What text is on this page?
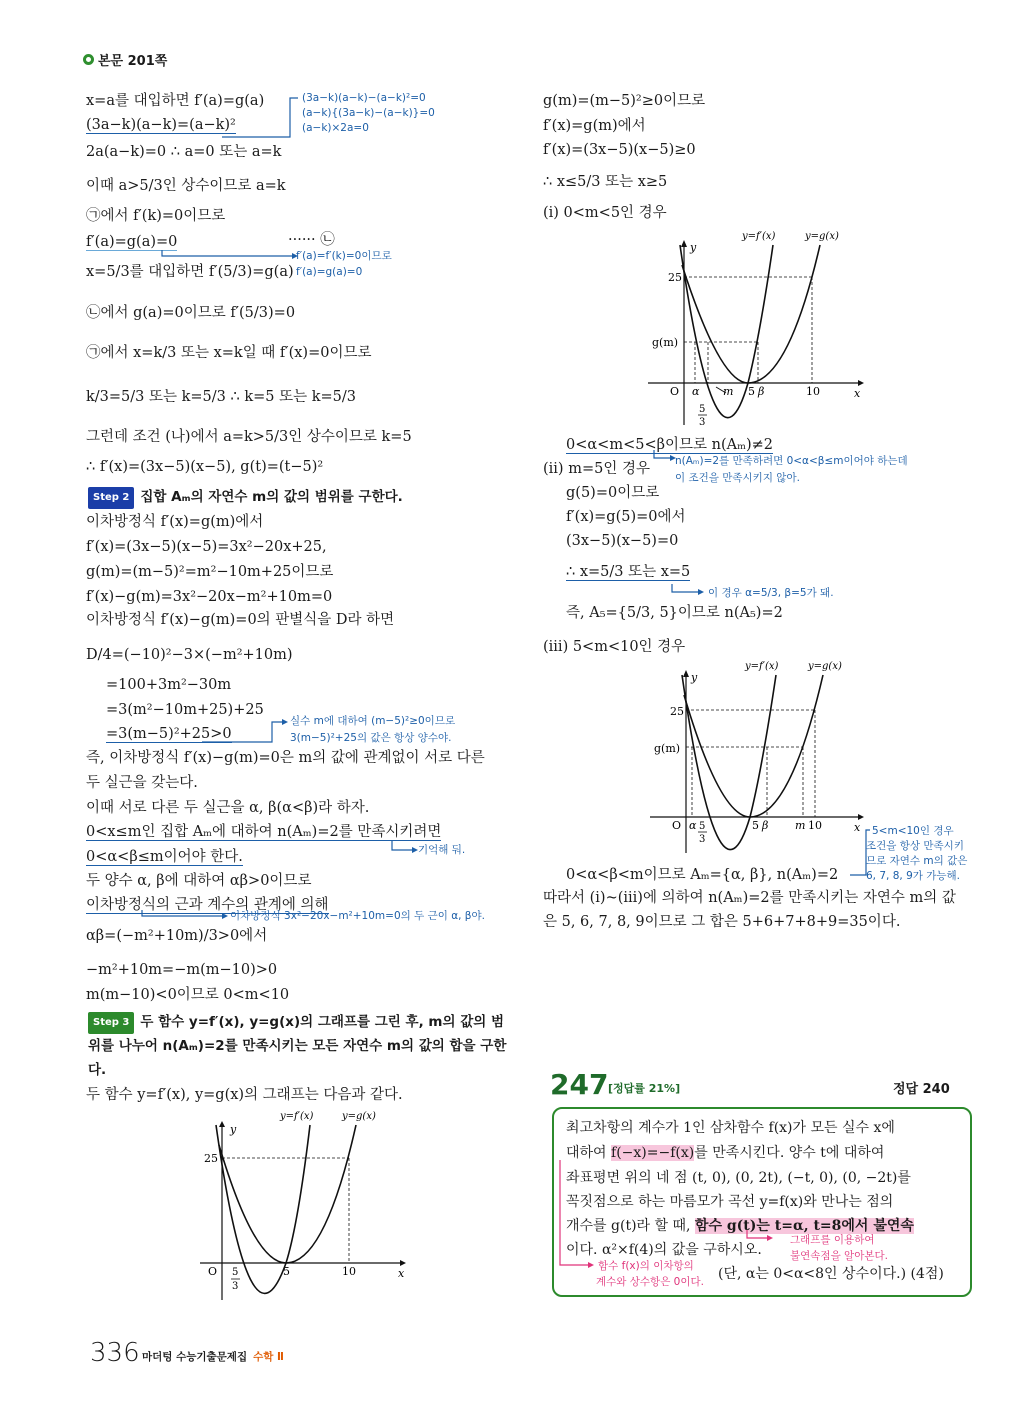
본문 201쪽
x=a를 대입하면 f′(a)=g(a)
(3a−k)(a−k)=(a−k)²
2a(a−k)=0 ∴ a=0 또는 a=k
(3a−k)(a−k)−(a−k)²=0
(a−k){(3a−k)−(a−k)}=0
(a−k)×2a=0
이때 a>5/3인 상수이므로 a=k
㉠에서 f′(k)=0이므로
f′(a)=g(a)=0	······ ㉡
f′(a)=f′(k)=0이므로
f′(a)=g(a)=0
x=5/3를 대입하면 f′(5/3)=g(a)
㉡에서 g(a)=0이므로 f′(5/3)=0
㉠에서 x=k/3 또는 x=k일 때 f′(x)=0이므로
k/3=5/3 또는 k=5/3 ∴ k=5 또는 k=5/3
그런데 조건 (나)에서 a=k>5/3인 상수이므로 k=5
∴ f′(x)=(3x−5)(x−5), g(t)=(t−5)²
Step 2 집합 Aₘ의 자연수 m의 값의 범위를 구한다.
이차방정식 f′(x)=g(m)에서
f′(x)=(3x−5)(x−5)=3x²−20x+25,
g(m)=(m−5)²=m²−10m+25이므로
f′(x)−g(m)=3x²−20x−m²+10m=0
이차방정식 f′(x)−g(m)=0의 판별식을 D라 하면
D/4=(−10)²−3×(−m²+10m)
=100+3m²−30m
=3(m²−10m+25)+25
=3(m−5)²+25>0
실수 m에 대하여 (m−5)²≥0이므로
3(m−5)²+25의 값은 항상 양수야.
즉, 이차방정식 f′(x)−g(m)=0은 m의 값에 관계없이 서로 다른
두 실근을 갖는다.
이때 서로 다른 두 실근을 α, β(α<β)라 하자.
0<x≤m인 집합 Aₘ에 대하여 n(Aₘ)=2를 만족시키려면
0<α<β≤m이어야 한다.	기억해 둬.
두 양수 α, β에 대하여 αβ>0이므로
이차방정식의 근과 계수의 관계에 의해
이차방정식 3x²−20x−m²+10m=0의 두 근이 α, β야.
αβ=(−m²+10m)/3>0에서
−m²+10m=−m(m−10)>0
m(m−10)<0이므로 0<m<10
Step 3 두 함수 y=f′(x), y=g(x)의 그래프를 그린 후, m의 값의 범
위를 나누어 n(Aₘ)=2를 만족시키는 모든 자연수 m의 값의 합을 구한
다.
두 함수 y=f′(x), y=g(x)의 그래프는 다음과 같다.
y
x
O
25
5
3
5	10
y=f′(x)	y=g(x)
g(m)=(m−5)²≥0이므로
f′(x)=g(m)에서
f′(x)=(3x−5)(x−5)≥0
∴ x≤5/3 또는 x≥5
(i) 0<m<5인 경우
y
x
O
25
g(m)
α
5
3
m 5 β	10
y=f′(x)	y=g(x)
0<α<m<5<β이므로 n(Aₘ)≠2
n(Aₘ)=2를 만족하려면 0<α<β≤m이어야 하는데
이 조건을 만족시키지 않아.
(ii) m=5인 경우
g(5)=0이므로
f′(x)=g(5)=0에서
(3x−5)(x−5)=0
∴ x=5/3 또는 x=5
이 경우 α=5/3, β=5가 돼.
즉, A₅={5/3, 5}이므로 n(A₅)=2
(iii) 5<m<10인 경우
y
x
O
25
g(m)
α 5
3
5 β m 10
y=f′(x)	y=g(x)
5<m<10인 경우
조건을 항상 만족시키
므로 자연수 m의 값은
6, 7, 8, 9가 가능해.
0<α<β<m이므로 Aₘ={α, β}, n(Aₘ)=2
따라서 (i)~(iii)에 의하여 n(Aₘ)=2를 만족시키는 자연수 m의 값
은 5, 6, 7, 8, 9이므로 그 합은 5+6+7+8+9=35이다.
247 [정답률 21%]	정답 240
최고차항의 계수가 1인 삼차함수 f(x)가 모든 실수 x에
대하여 f(−x)=−f(x)를 만족시킨다. 양수 t에 대하여
좌표평면 위의 네 점 (t, 0), (0, 2t), (−t, 0), (0, −2t)를
꼭짓점으로 하는 마름모가 곡선 y=f(x)와 만나는 점의
개수를 g(t)라 할 때, 함수 g(t)는 t=α, t=8에서 불연속
이다. α²×f(4)의 값을 구하시오.
(단, α는 0<α<8인 상수이다.) (4점)
그래프를 이용하여
불연속점을 알아본다.
함수 f(x)의 이차항의
계수와 상수항은 0이다.
336 마더텅 수능기출문제집 수학 Ⅱ
